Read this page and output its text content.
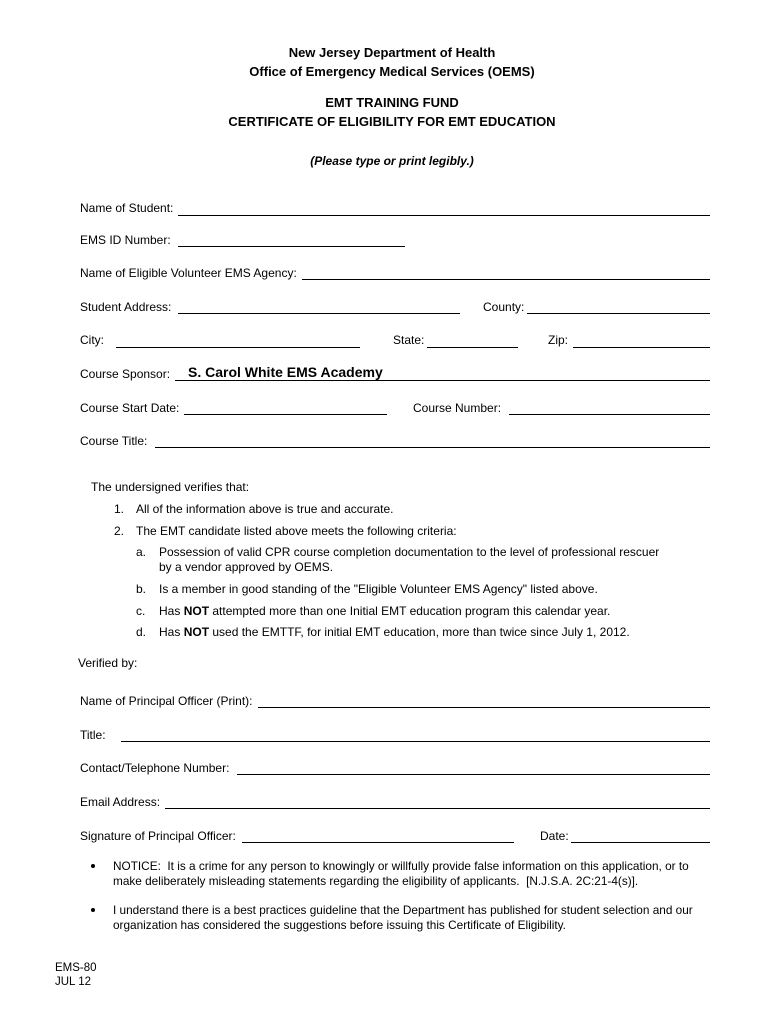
New Jersey Department of Health
Office of Emergency Medical Services (OEMS)
EMT TRAINING FUND
CERTIFICATE OF ELIGIBILITY FOR EMT EDUCATION
(Please type or print legibly.)
Name of Student:
EMS ID Number:
Name of Eligible Volunteer EMS Agency:
Student Address:	County:
City:	State:	Zip:
Course Sponsor:
S. Carol White EMS Academy
Course Start Date:	Course Number:
Course Title:
The undersigned verifies that:
1. All of the information above is true and accurate.
2. The EMT candidate listed above meets the following criteria:
a. Possession of valid CPR course completion documentation to the level of professional rescuer
by a vendor approved by OEMS.
b. Is a member in good standing of the "Eligible Volunteer EMS Agency" listed above.
c. Has NOT attempted more than one Initial EMT education program this calendar year.
d. Has NOT used the EMTTF, for initial EMT education, more than twice since July 1, 2012.
Verified by:
Name of Principal Officer (Print):
Title:
Contact/Telephone Number:
Email Address:
Signature of Principal Officer:	Date:
NOTICE:  It is a crime for any person to knowingly or willfully provide false information on this application, or to
make deliberately misleading statements regarding the eligibility of applicants.  [N.J.S.A. 2C:21-4(s)].
I understand there is a best practices guideline that the Department has published for student selection and our
organization has considered the suggestions before issuing this Certificate of Eligibility.
EMS-80
JUL 12
